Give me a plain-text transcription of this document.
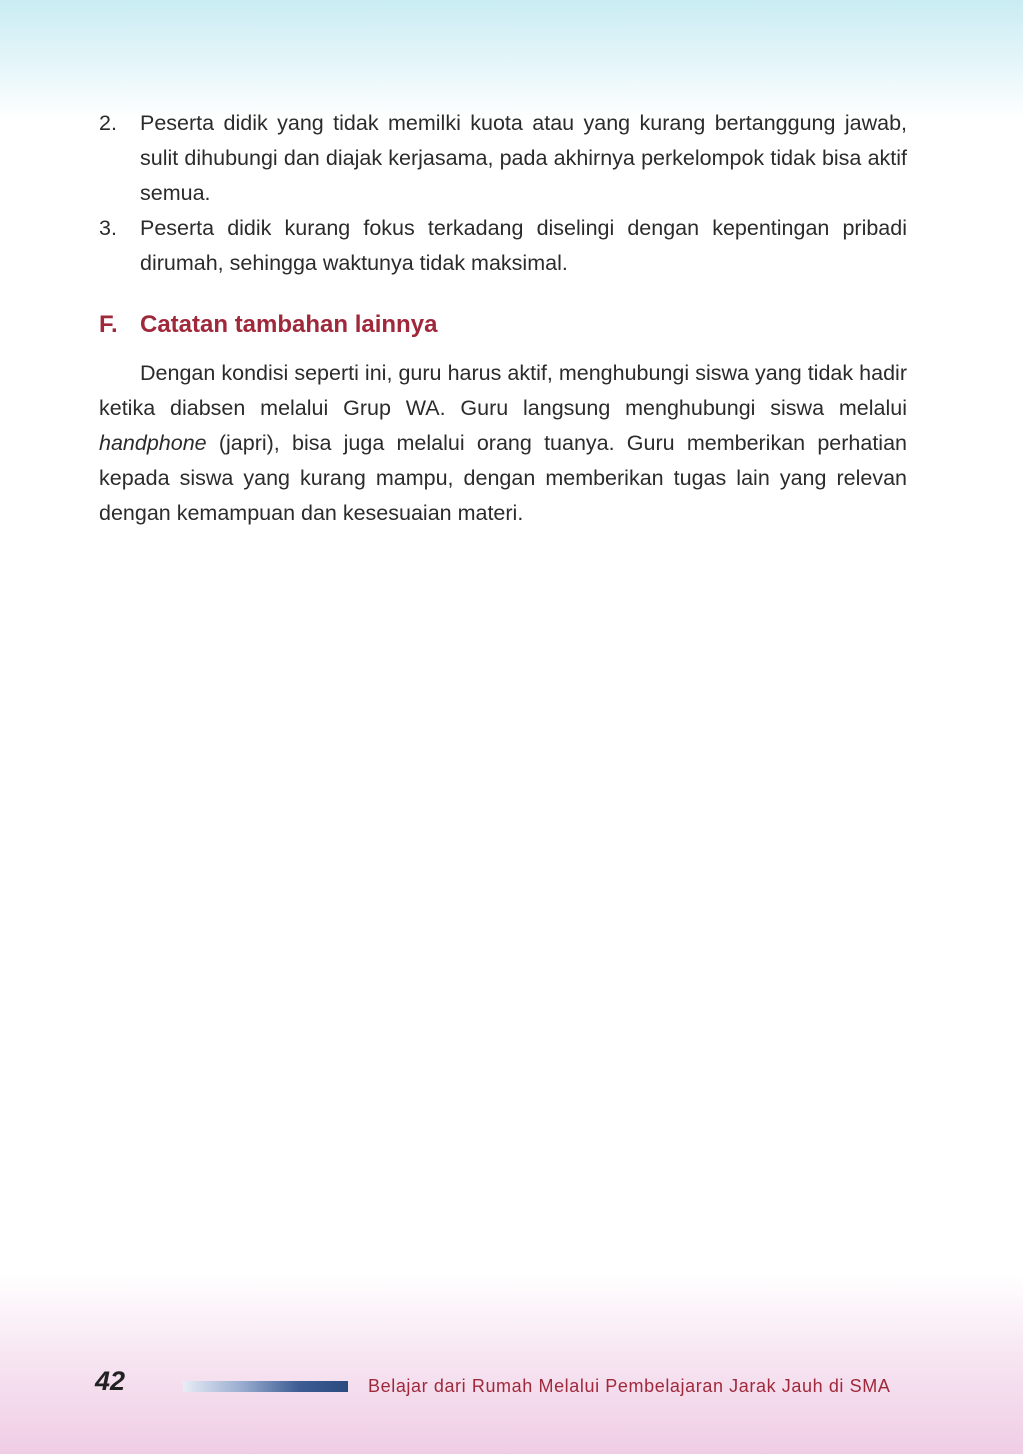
2. Peserta didik yang tidak memilki kuota atau yang kurang bertanggung jawab, sulit dihubungi dan diajak kerjasama, pada akhirnya perkelompok tidak bisa aktif semua.
3. Peserta didik kurang fokus terkadang diselingi dengan kepentingan pribadi dirumah, sehingga waktunya tidak maksimal.
F. Catatan tambahan lainnya
Dengan kondisi seperti ini, guru harus aktif, menghubungi siswa yang tidak hadir ketika diabsen melalui Grup WA. Guru langsung menghubungi siswa melalui handphone (japri), bisa juga melalui orang tuanya. Guru memberikan perhatian kepada siswa yang kurang mampu, dengan memberikan tugas lain yang relevan dengan kemampuan dan kesesuaian materi.
42	Belajar dari Rumah Melalui Pembelajaran Jarak Jauh di SMA
